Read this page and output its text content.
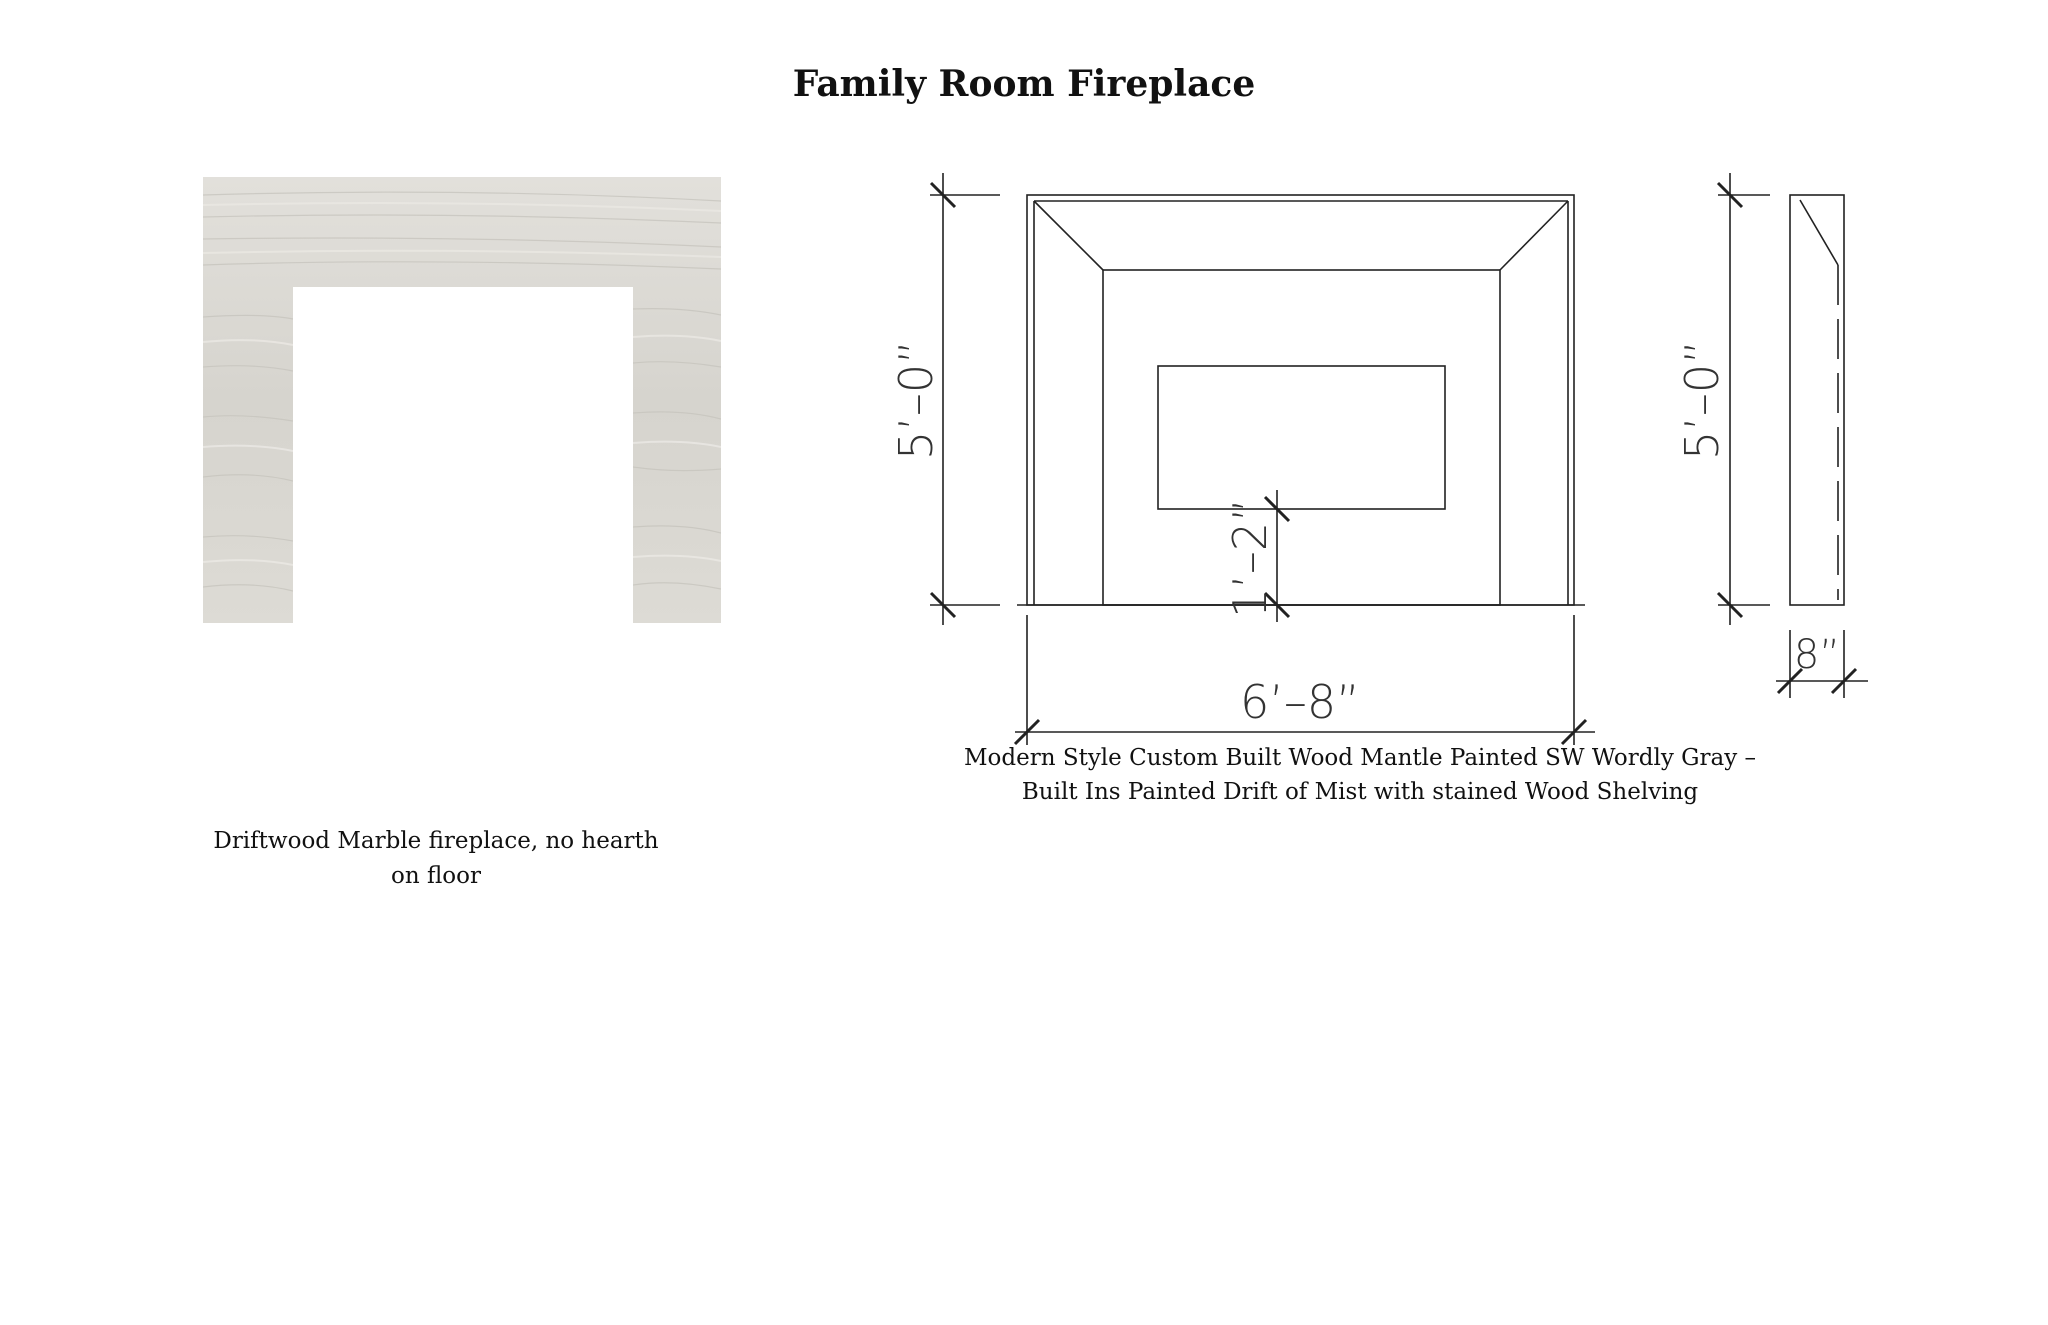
Family Room Fireplace
Driftwood Marble fireplace, no hearth
on floor
5’–0”
1’–2”
6’–8”
5’–0”
8”
Modern Style Custom Built Wood Mantle Painted SW Wordly Gray –
Built Ins Painted Drift of Mist with stained Wood Shelving
